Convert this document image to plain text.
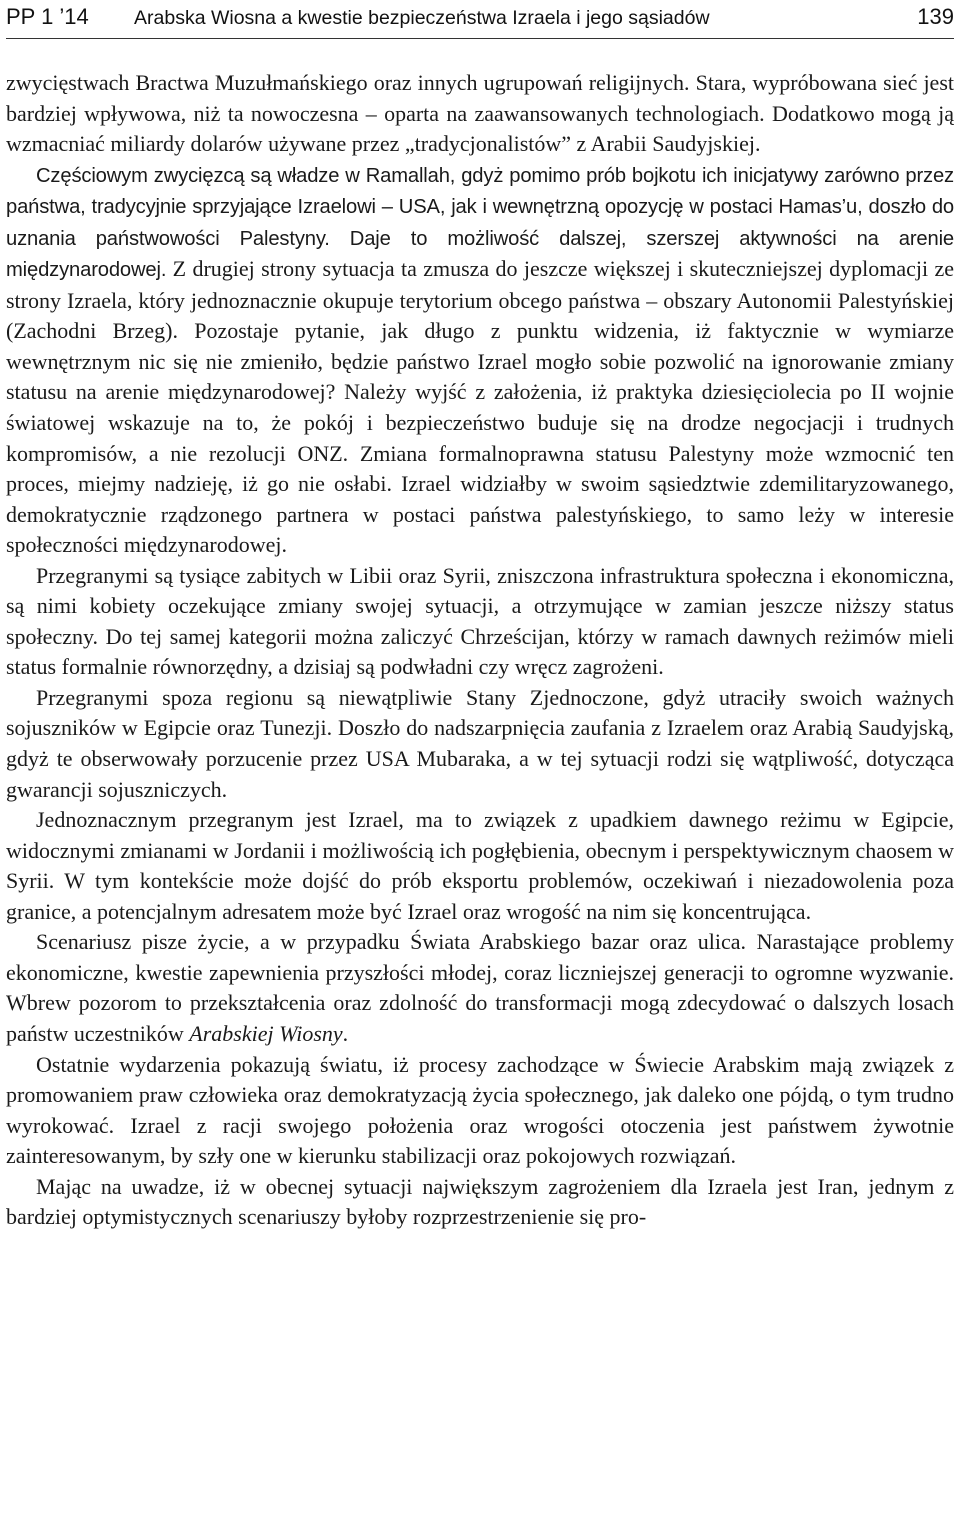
PP 1 ’14	Arabska Wiosna a kwestie bezpieczeństwa Izraela i jego sąsiadów	139

zwycięstwach Bractwa Muzułmańskiego oraz innych ugrupowań religijnych. Stara, wypróbowana sieć jest bardziej wpływowa, niż ta nowoczesna – oparta na zaawansowanych technologiach. Dodatkowo mogą ją wzmacniać miliardy dolarów używane przez „tradycjonalistów” z Arabii Saudyjskiej.

Częściowym zwycięzcą są władze w Ramallah, gdyż pomimo prób bojkotu ich inicjatywy zarówno przez państwa, tradycyjnie sprzyjające Izraelowi – USA, jak i wewnętrzną opozycję w postaci Hamas’u, doszło do uznania państwowości Palestyny. Daje to możliwość dalszej, szerszej aktywności na arenie międzynarodowej. Z drugiej strony sytuacja ta zmusza do jeszcze większej i skuteczniejszej dyplomacji ze strony Izraela, który jednoznacznie okupuje terytorium obcego państwa – obszary Autonomii Palestyńskiej (Zachodni Brzeg). Pozostaje pytanie, jak długo z punktu widzenia, iż faktycznie w wymiarze wewnętrznym nic się nie zmieniło, będzie państwo Izrael mogło sobie pozwolić na ignorowanie zmiany statusu na arenie międzynarodowej? Należy wyjść z założenia, iż praktyka dziesięciolecia po II wojnie światowej wskazuje na to, że pokój i bezpieczeństwo buduje się na drodze negocjacji i trudnych kompromisów, a nie rezolucji ONZ. Zmiana formalnoprawna statusu Palestyny może wzmocnić ten proces, miejmy nadzieję, iż go nie osłabi. Izrael widziałby w swoim sąsiedztwie zdemilitaryzowanego, demokratycznie rządzonego partnera w postaci państwa palestyńskiego, to samo leży w interesie społeczności międzynarodowej.

Przegranymi są tysiące zabitych w Libii oraz Syrii, zniszczona infrastruktura społeczna i ekonomiczna, są nimi kobiety oczekujące zmiany swojej sytuacji, a otrzymujące w zamian jeszcze niższy status społeczny. Do tej samej kategorii można zaliczyć Chrześcijan, którzy w ramach dawnych reżimów mieli status formalnie równorzędny, a dzisiaj są podwładni czy wręcz zagrożeni.

Przegranymi spoza regionu są niewątpliwie Stany Zjednoczone, gdyż utraciły swoich ważnych sojuszników w Egipcie oraz Tunezji. Doszło do nadszarpnięcia zaufania z Izraelem oraz Arabią Saudyjską, gdyż te obserwowały porzucenie przez USA Mubaraka, a w tej sytuacji rodzi się wątpliwość, dotycząca gwarancji sojuszniczych.

Jednoznacznym przegranym jest Izrael, ma to związek z upadkiem dawnego reżimu w Egipcie, widocznymi zmianami w Jordanii i możliwością ich pogłębienia, obecnym i perspektywicznym chaosem w Syrii. W tym kontekście może dojść do prób eksportu problemów, oczekiwań i niezadowolenia poza granice, a potencjalnym adresatem może być Izrael oraz wrogość na nim się koncentrująca.

Scenariusz pisze życie, a w przypadku Świata Arabskiego bazar oraz ulica. Narastające problemy ekonomiczne, kwestie zapewnienia przyszłości młodej, coraz liczniejszej generacji to ogromne wyzwanie. Wbrew pozorom to przekształcenia oraz zdolność do transformacji mogą zdecydować o dalszych losach państw uczestników Arabskiej Wiosny.

Ostatnie wydarzenia pokazują światu, iż procesy zachodzące w Świecie Arabskim mają związek z promowaniem praw człowieka oraz demokratyzacją życia społecznego, jak daleko one pójdą, o tym trudno wyrokować. Izrael z racji swojego położenia oraz wrogości otoczenia jest państwem żywotnie zainteresowanym, by szły one w kierunku stabilizacji oraz pokojowych rozwiązań.

Mając na uwadze, iż w obecnej sytuacji największym zagrożeniem dla Izraela jest Iran, jednym z bardziej optymistycznych scenariuszy byłoby rozprzestrzenienie się pro-
